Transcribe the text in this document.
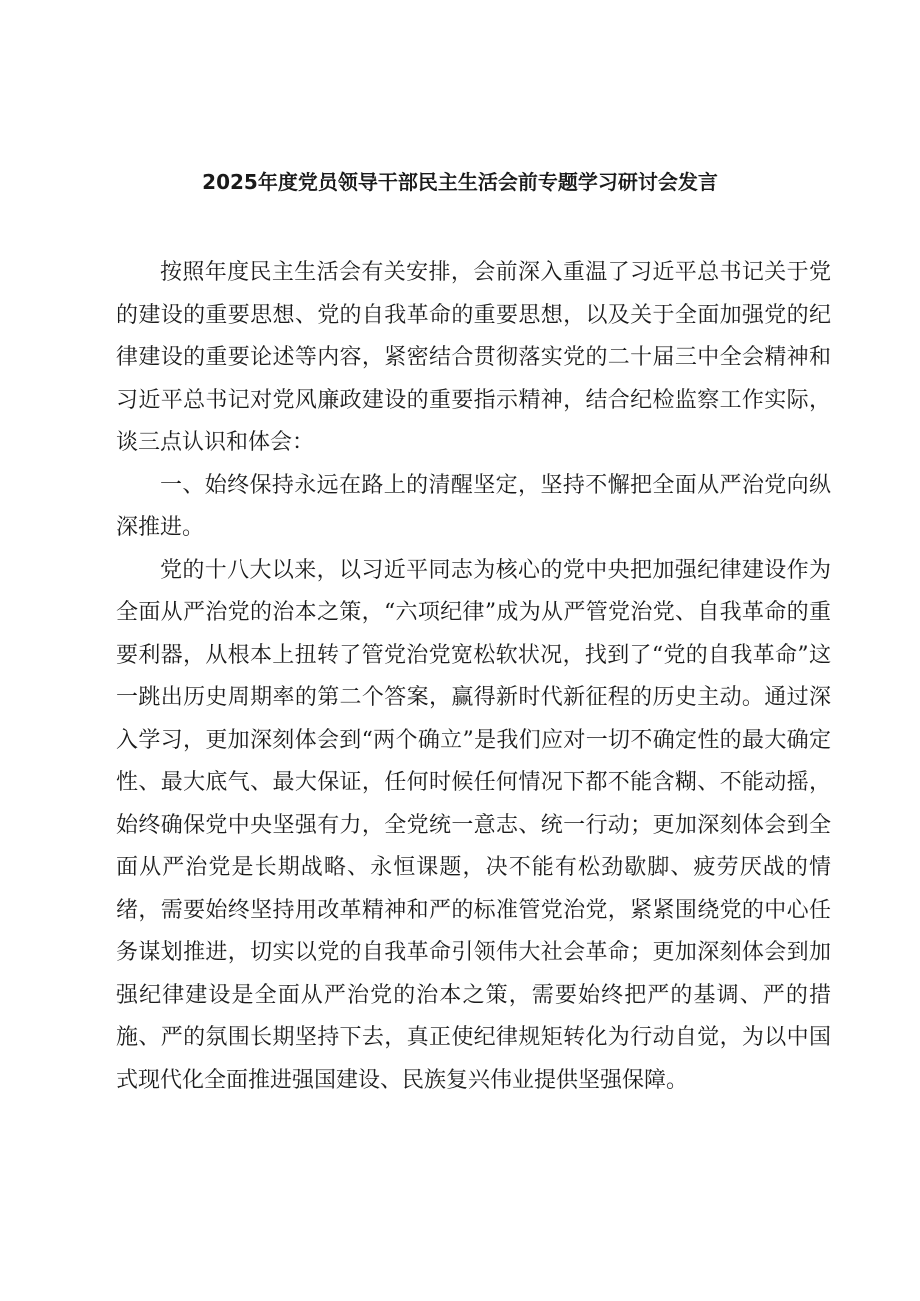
2025年度党员领导干部民主生活会前专题学习研讨会发言

按照年度民主生活会有关安排，会前深入重温了习近平总书记关于党的建设的重要思想、党的自我革命的重要思想，以及关于全面加强党的纪律建设的重要论述等内容，紧密结合贯彻落实党的二十届三中全会精神和习近平总书记对党风廉政建设的重要指示精神，结合纪检监察工作实际，谈三点认识和体会：

一、始终保持永远在路上的清醒坚定，坚持不懈把全面从严治党向纵深推进。

党的十八大以来，以习近平同志为核心的党中央把加强纪律建设作为全面从严治党的治本之策，“六项纪律”成为从严管党治党、自我革命的重要利器，从根本上扭转了管党治党宽松软状况，找到了“党的自我革命”这一跳出历史周期率的第二个答案，赢得新时代新征程的历史主动。通过深入学习，更加深刻体会到“两个确立”是我们应对一切不确定性的最大确定性、最大底气、最大保证，任何时候任何情况下都不能含糊、不能动摇，始终确保党中央坚强有力，全党统一意志、统一行动；更加深刻体会到全面从严治党是长期战略、永恒课题，决不能有松劲歇脚、疲劳厌战的情绪，需要始终坚持用改革精神和严的标准管党治党，紧紧围绕党的中心任务谋划推进，切实以党的自我革命引领伟大社会革命；更加深刻体会到加强纪律建设是全面从严治党的治本之策，需要始终把严的基调、严的措施、严的氛围长期坚持下去，真正使纪律规矩转化为行动自觉，为以中国式现代化全面推进强国建设、民族复兴伟业提供坚强保障。
